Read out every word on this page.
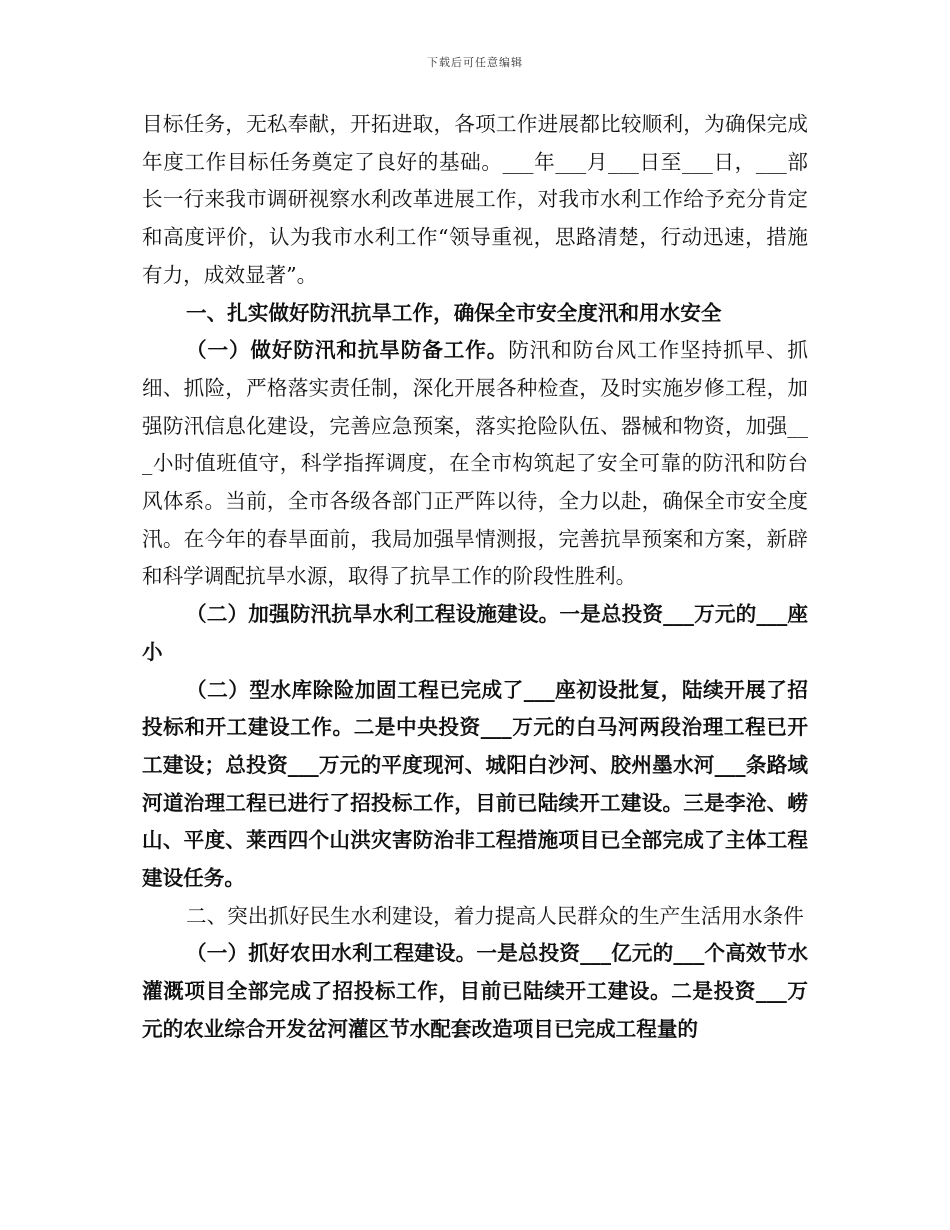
下载后可任意编辑

目标任务，无私奉献，开拓进取，各项工作进展都比较顺利，为确保完成年度工作目标任务奠定了良好的基础。___年___月___日至___日，___部长一行来我市调研视察水利改革进展工作，对我市水利工作给予充分肯定和高度评价，认为我市水利工作“领导重视，思路清楚，行动迅速，措施有力，成效显著”。

一、扎实做好防汛抗旱工作，确保全市安全度汛和用水安全

（一）做好防汛和抗旱防备工作。防汛和防台风工作坚持抓早、抓细、抓险，严格落实责任制，深化开展各种检查，及时实施岁修工程，加强防汛信息化建设，完善应急预案，落实抢险队伍、器械和物资，加强___小时值班值守，科学指挥调度，在全市构筑起了安全可靠的防汛和防台风体系。当前，全市各级各部门正严阵以待，全力以赴，确保全市安全度汛。在今年的春旱面前，我局加强旱情测报，完善抗旱预案和方案，新辟和科学调配抗旱水源，取得了抗旱工作的阶段性胜利。

（二）加强防汛抗旱水利工程设施建设。一是总投资___万元的___座小

（二）型水库除险加固工程已完成了___座初设批复，陆续开展了招投标和开工建设工作。二是中央投资___万元的白马河两段治理工程已开工建设；总投资___万元的平度现河、城阳白沙河、胶州墨水河___条路域河道治理工程已进行了招投标工作，目前已陆续开工建设。三是李沧、崂山、平度、莱西四个山洪灾害防治非工程措施项目已全部完成了主体工程建设任务。

二、突出抓好民生水利建设，着力提高人民群众的生产生活用水条件

（一）抓好农田水利工程建设。一是总投资___亿元的___个高效节水灌溉项目全部完成了招投标工作，目前已陆续开工建设。二是投资___万元的农业综合开发岔河灌区节水配套改造项目已完成工程量的
